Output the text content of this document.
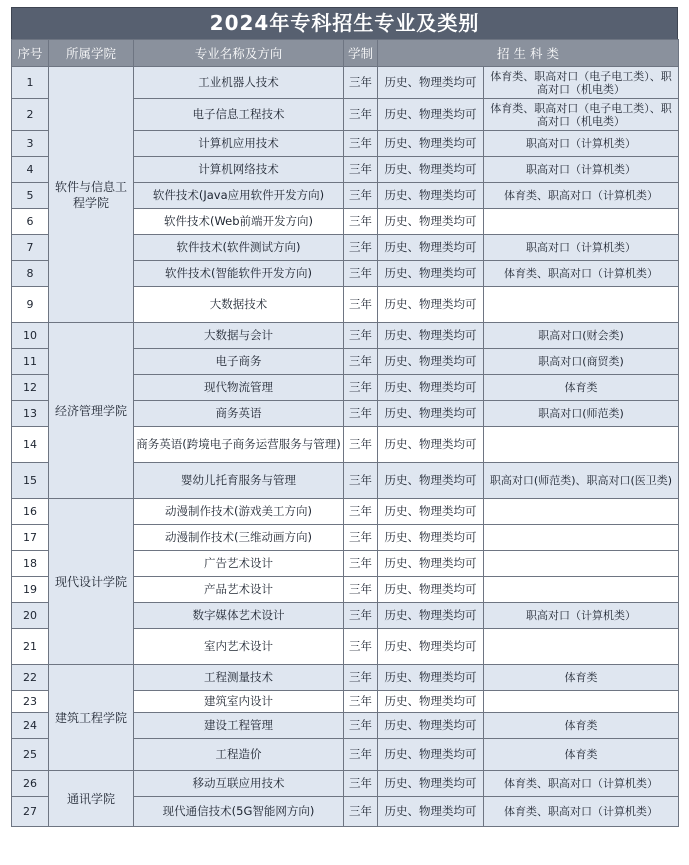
2024年专科招生专业及类别
序号	所属学院	专业名称及方向	学制	招 生 科 类	
1	软件与信息工程学院	工业机器人技术	三年	历史、物理类均可	体育类、职高对口（电子电工类）、职高对口（机电类）
2		电子信息工程技术	三年	历史、物理类均可	体育类、职高对口（电子电工类）、职高对口（机电类）
3		计算机应用技术	三年	历史、物理类均可	职高对口（计算机类）
4		计算机网络技术	三年	历史、物理类均可	职高对口（计算机类）
5		软件技术(Java应用软件开发方向)	三年	历史、物理类均可	体育类、职高对口（计算机类）
6		软件技术(Web前端开发方向)	三年	历史、物理类均可	
7		软件技术(软件测试方向)	三年	历史、物理类均可	职高对口（计算机类）
8		软件技术(智能软件开发方向)	三年	历史、物理类均可	体育类、职高对口（计算机类）
9		大数据技术	三年	历史、物理类均可	
10	经济管理学院	大数据与会计	三年	历史、物理类均可	职高对口(财会类)
11		电子商务	三年	历史、物理类均可	职高对口(商贸类)
12		现代物流管理	三年	历史、物理类均可	体育类
13		商务英语	三年	历史、物理类均可	职高对口(师范类)
14		商务英语(跨境电子商务运营服务与管理)	三年	历史、物理类均可	
15		婴幼儿托育服务与管理	三年	历史、物理类均可	职高对口(师范类)、职高对口(医卫类)
16	现代设计学院	动漫制作技术(游戏美工方向)	三年	历史、物理类均可	
17		动漫制作技术(三维动画方向)	三年	历史、物理类均可	
18		广告艺术设计	三年	历史、物理类均可	
19		产品艺术设计	三年	历史、物理类均可	
20		数字媒体艺术设计	三年	历史、物理类均可	职高对口（计算机类）
21		室内艺术设计	三年	历史、物理类均可	
22	建筑工程学院	工程测量技术	三年	历史、物理类均可	体育类
23		建筑室内设计	三年	历史、物理类均可	
24		建设工程管理	三年	历史、物理类均可	体育类
25		工程造价	三年	历史、物理类均可	体育类
26	通讯学院	移动互联应用技术	三年	历史、物理类均可	体育类、职高对口（计算机类）
27		现代通信技术(5G智能网方向)	三年	历史、物理类均可	体育类、职高对口（计算机类）
